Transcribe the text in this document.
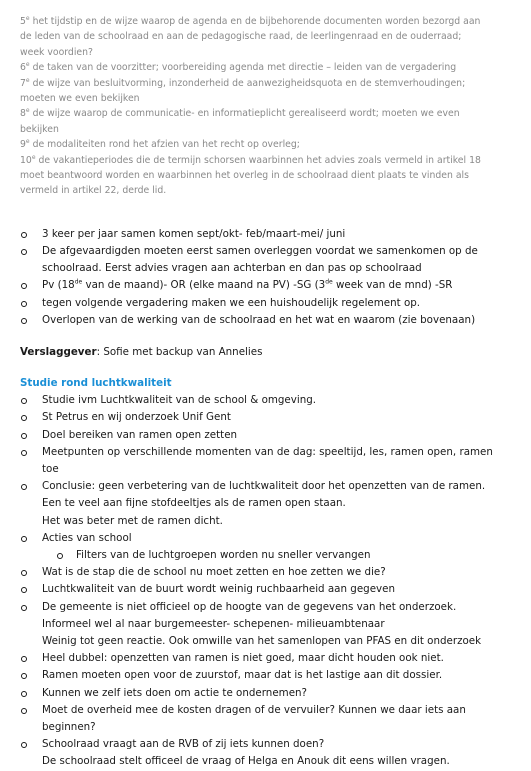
5e het tijdstip en de wijze waarop de agenda en de bijbehorende documenten worden bezorgd aan
de leden van de schoolraad en aan de pedagogische raad, de leerlingenraad en de ouderraad;
week voordien?
6e de taken van de voorzitter; voorbereiding agenda met directie – leiden van de vergadering
7e de wijze van besluitvorming, inzonderheid de aanwezigheidsquota en de stemverhoudingen;
moeten we even bekijken
8e de wijze waarop de communicatie- en informatieplicht gerealiseerd wordt; moeten we even
bekijken
9e de modaliteiten rond het afzien van het recht op overleg;
10e de vakantieperiodes die de termijn schorsen waarbinnen het advies zoals vermeld in artikel 18
moet beantwoord worden en waarbinnen het overleg in de schoolraad dient plaats te vinden als
vermeld in artikel 22, derde lid.
3 keer per jaar samen komen sept/okt- feb/maart-mei/ juni
De afgevaardigden moeten eerst samen overleggen voordat we samenkomen op de
schoolraad. Eerst advies vragen aan achterban en dan pas op schoolraad
Pv (18de van de maand)- OR (elke maand na PV) -SG (3de week van de mnd) -SR
tegen volgende vergadering maken we een huishoudelijk regelement op.
Overlopen van de werking van de schoolraad en het wat en waarom (zie bovenaan)
Verslaggever: Sofie met backup van Annelies
Studie rond luchtkwaliteit
Studie ivm Luchtkwaliteit van de school & omgeving.
St Petrus en wij onderzoek Unif Gent
Doel bereiken van ramen open zetten
Meetpunten op verschillende momenten van de dag: speeltijd, les, ramen open, ramen
toe
Conclusie: geen verbetering van de luchtkwaliteit door het openzetten van de ramen.
Een te veel aan fijne stofdeeltjes als de ramen open staan.
Het was beter met de ramen dicht.
Acties van school
Filters van de luchtgroepen worden nu sneller vervangen
Wat is de stap die de school nu moet zetten en hoe zetten we die?
Luchtkwaliteit van de buurt wordt weinig ruchbaarheid aan gegeven
De gemeente is niet officieel op de hoogte van de gegevens van het onderzoek.
Informeel wel al naar burgemeester- schepenen- milieuambtenaar
Weinig tot geen reactie. Ook omwille van het samenlopen van PFAS en dit onderzoek
Heel dubbel: openzetten van ramen is niet goed, maar dicht houden ook niet.
Ramen moeten open voor de zuurstof, maar dat is het lastige aan dit dossier.
Kunnen we zelf iets doen om actie te ondernemen?
Moet de overheid mee de kosten dragen of de vervuiler? Kunnen we daar iets aan
beginnen?
Schoolraad vraagt aan de RVB of zij iets kunnen doen?
De schoolraad stelt officeel de vraag of Helga en Anouk dit eens willen vragen.
